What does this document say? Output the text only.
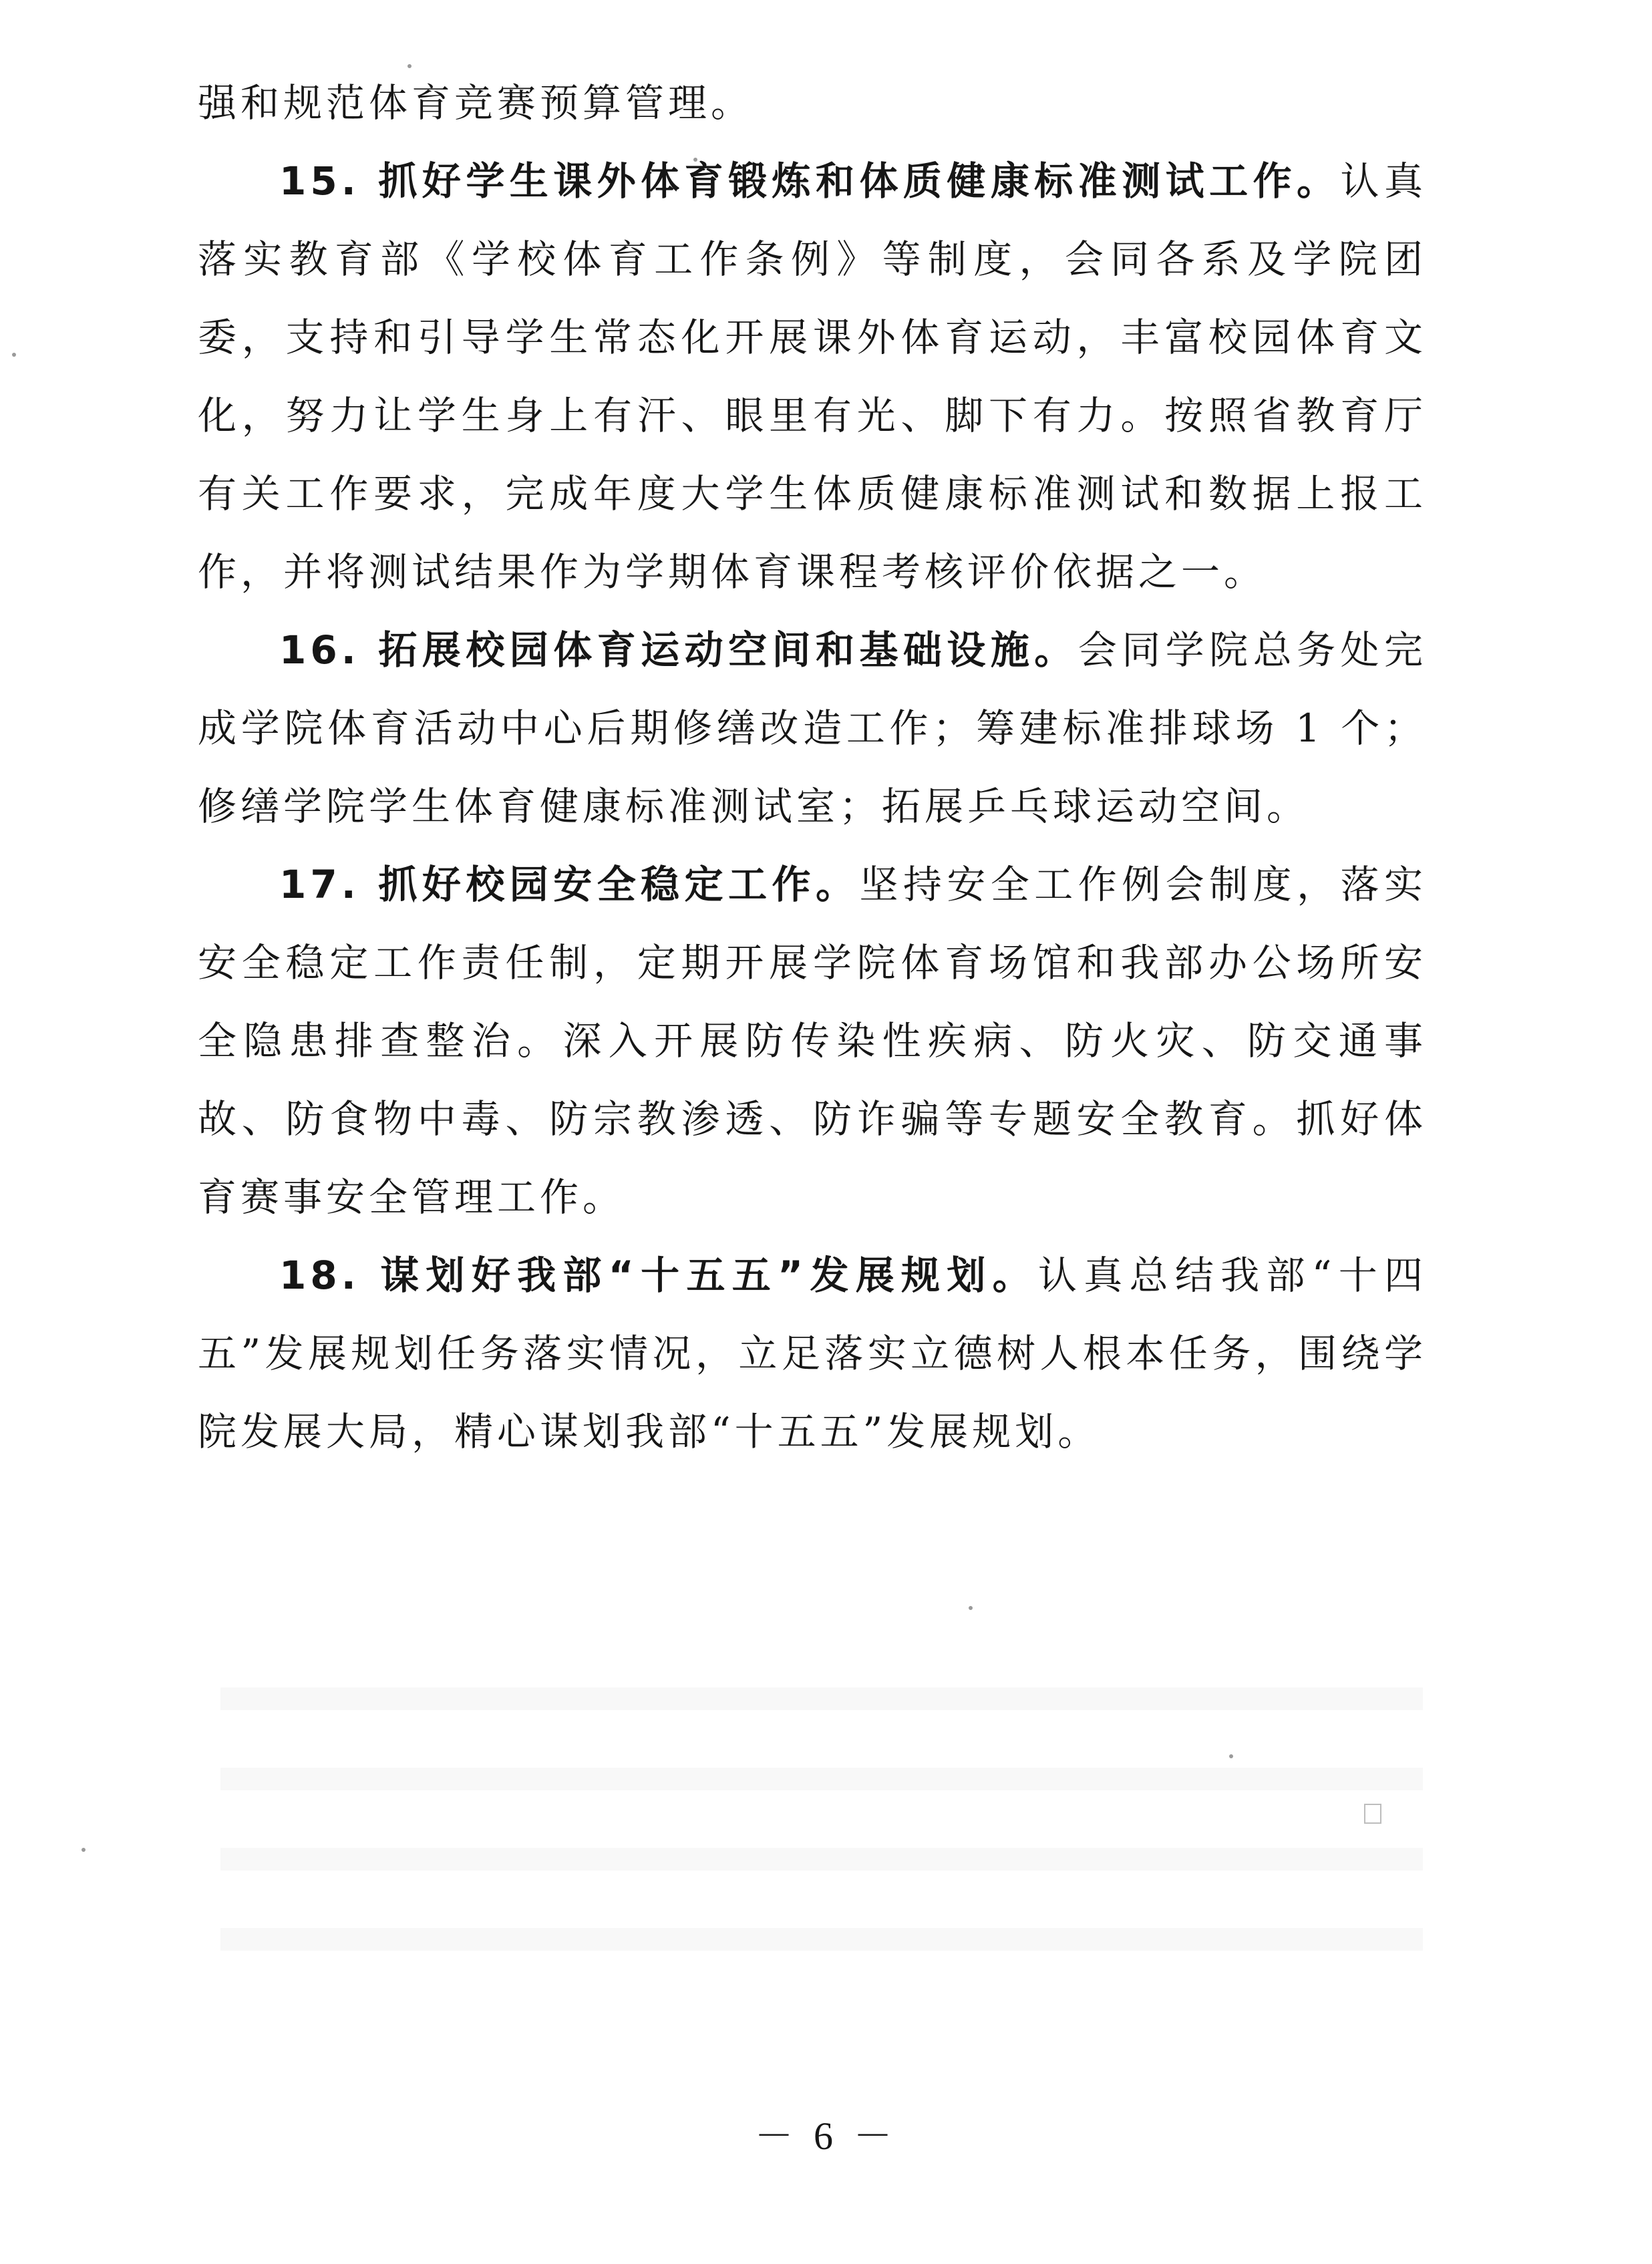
强和规范体育竞赛预算管理。

15. 抓好学生课外体育锻炼和体质健康标准测试工作。认真落实教育部《学校体育工作条例》等制度，会同各系及学院团委，支持和引导学生常态化开展课外体育运动，丰富校园体育文化，努力让学生身上有汗、眼里有光、脚下有力。按照省教育厅有关工作要求，完成年度大学生体质健康标准测试和数据上报工作，并将测试结果作为学期体育课程考核评价依据之一。

16. 拓展校园体育运动空间和基础设施。会同学院总务处完成学院体育活动中心后期修缮改造工作；筹建标准排球场 1 个；修缮学院学生体育健康标准测试室；拓展乒乓球运动空间。

17. 抓好校园安全稳定工作。坚持安全工作例会制度，落实安全稳定工作责任制，定期开展学院体育场馆和我部办公场所安全隐患排查整治。深入开展防传染性疾病、防火灾、防交通事故、防食物中毒、防宗教渗透、防诈骗等专题安全教育。抓好体育赛事安全管理工作。

18. 谋划好我部“十五五”发展规划。认真总结我部“十四五”发展规划任务落实情况，立足落实立德树人根本任务，围绕学院发展大局，精心谋划我部“十五五”发展规划。

－ 6 －
